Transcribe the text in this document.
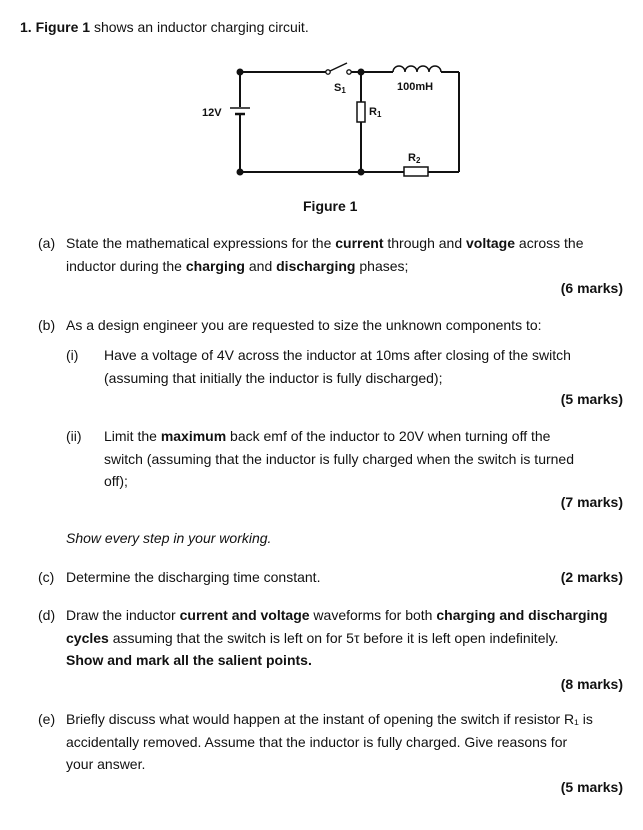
1. Figure 1 shows an inductor charging circuit.
12V
S1	100mH
R1
R2
Figure 1
(a) State the mathematical expressions for the current through and voltage across the
inductor during the charging and discharging phases;
(6 marks)
(b) As a design engineer you are requested to size the unknown components to:
(i) Have a voltage of 4V across the inductor at 10ms after closing of the switch
(assuming that initially the inductor is fully discharged);
(5 marks)
(ii) Limit the maximum back emf of the inductor to 20V when turning off the
switch (assuming that the inductor is fully charged when the switch is turned
off);
(7 marks)
Show every step in your working.
(c) Determine the discharging time constant.	(2 marks)
(d) Draw the inductor current and voltage waveforms for both charging and discharging
cycles assuming that the switch is left on for 5τ before it is left open indefinitely.
Show and mark all the salient points.
(8 marks)
(e) Briefly discuss what would happen at the instant of opening the switch if resistor R₁ is
accidentally removed. Assume that the inductor is fully charged. Give reasons for
your answer.
(5 marks)
